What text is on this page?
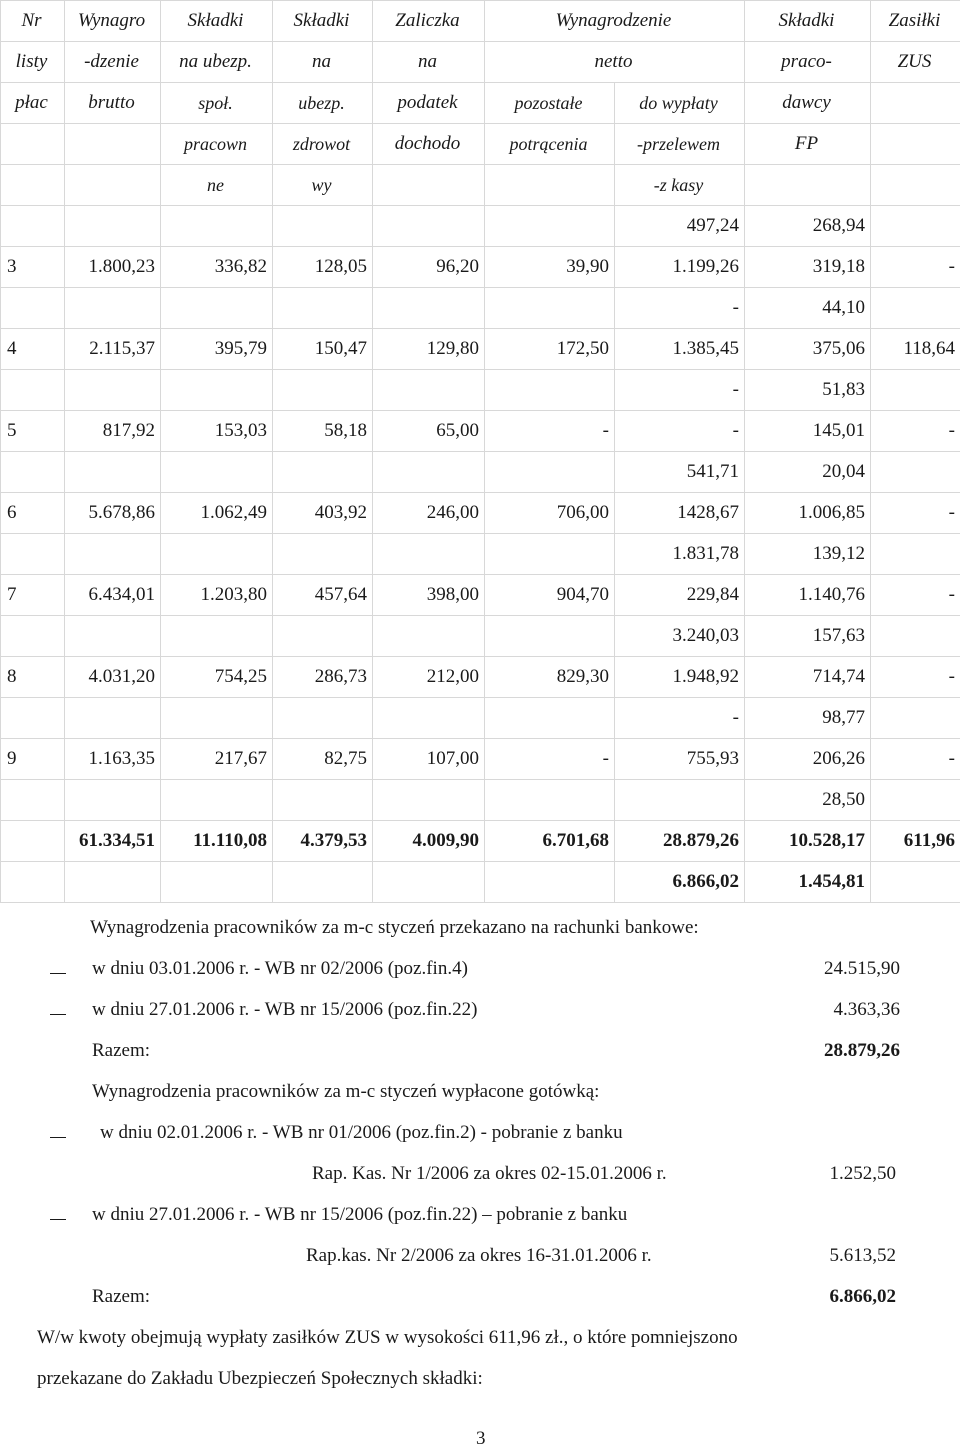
Nr	Wynagro	Składki	Składki	Zaliczka	Wynagrodzenie		Składki	Zasiłki
listy	-dzenie	na ubezp.	na	na	netto		praco-	ZUS
płac	brutto	społ.	ubezp.	podatek	pozostałe	do wypłaty	dawcy	
		pracown	zdrowot	dochodo	potrącenia	-przelewem	FP	
		ne	wy			-z kasy		
						497,24	268,94	
3	1.800,23	336,82	128,05	96,20	39,90	1.199,26	319,18	-
						-	44,10	
4	2.115,37	395,79	150,47	129,80	172,50	1.385,45	375,06	118,64
						-	51,83	
5	817,92	153,03	58,18	65,00	-	-	145,01	-
						541,71	20,04	
6	5.678,86	1.062,49	403,92	246,00	706,00	1428,67	1.006,85	-
						1.831,78	139,12	
7	6.434,01	1.203,80	457,64	398,00	904,70	229,84	1.140,76	-
						3.240,03	157,63	
8	4.031,20	754,25	286,73	212,00	829,30	1.948,92	714,74	-
						-	98,77	
9	1.163,35	217,67	82,75	107,00	-	755,93	206,26	-
							28,50	
	61.334,51	11.110,08	4.379,53	4.009,90	6.701,68	28.879,26	10.528,17	611,96
						6.866,02	1.454,81	
Wynagrodzenia pracowników za m-c styczeń przekazano na rachunki bankowe:
w dniu 03.01.2006 r. - WB nr 02/2006 (poz.fin.4)	24.515,90
w dniu 27.01.2006 r. - WB nr 15/2006 (poz.fin.22)	4.363,36
Razem:	28.879,26
Wynagrodzenia pracowników za m-c styczeń wypłacone gotówką:
w dniu 02.01.2006 r. - WB nr 01/2006 (poz.fin.2) - pobranie z banku
Rap. Kas. Nr 1/2006 za okres 02-15.01.2006 r.	1.252,50
w dniu 27.01.2006 r. - WB nr 15/2006 (poz.fin.22) – pobranie z banku
Rap.kas. Nr 2/2006 za okres 16-31.01.2006 r.	5.613,52
Razem:	6.866,02
W/w kwoty obejmują wypłaty zasiłków ZUS w wysokości 611,96 zł., o które pomniejszono
przekazane do Zakładu Ubezpieczeń Społecznych składki:
3
